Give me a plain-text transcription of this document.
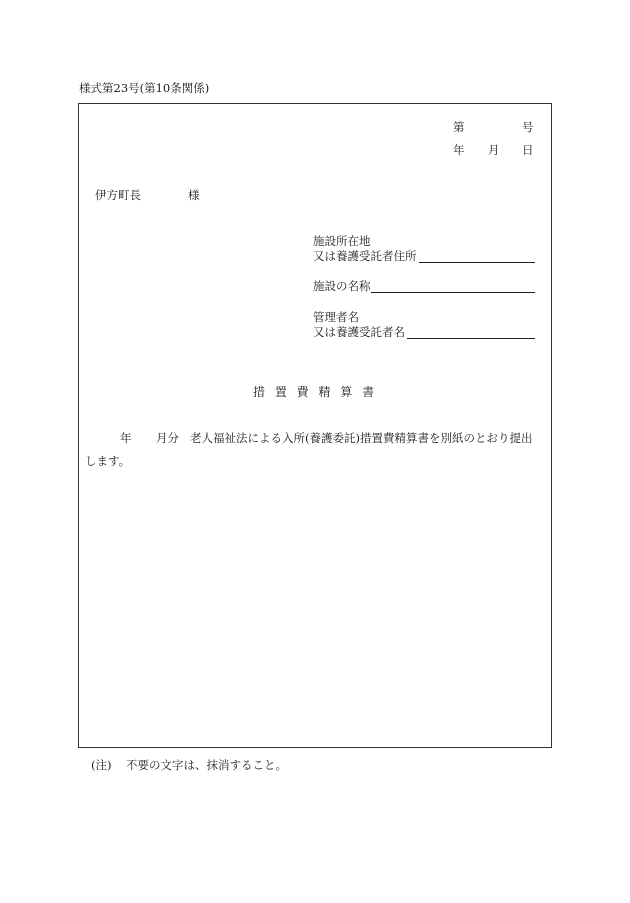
様式第23号(第10条関係)
第	号
年 月 日
伊方町長	様
施設所在地
又は養護受託者住所
施設の名称
管理者名
又は養護受託者名
措 置 費 精 算 書
年 月分 老人福祉法による入所(養護委託)措置費精算書を別紙のとおり提出
します。
(注) 不要の文字は、抹消すること。
